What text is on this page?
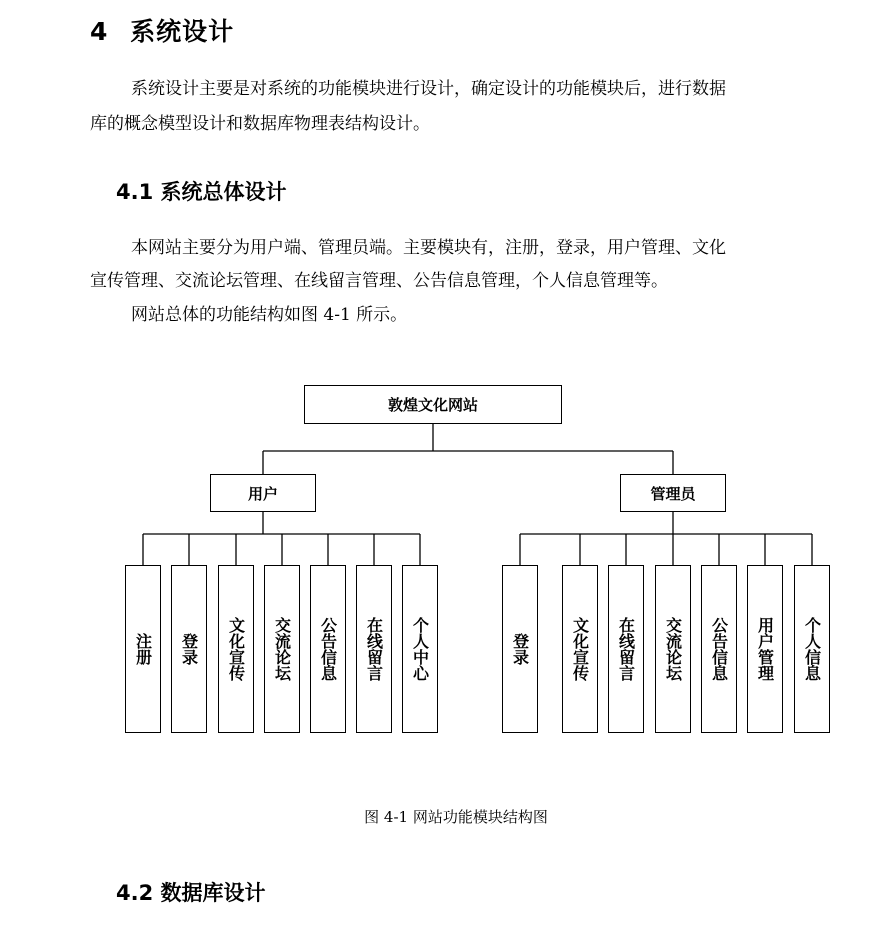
4 系统设计
系统设计主要是对系统的功能模块进行设计，确定设计的功能模块后，进行数据
库的概念模型设计和数据库物理表结构设计。
4.1 系统总体设计
本网站主要分为用户端、管理员端。主要模块有，注册，登录，用户管理、文化
宣传管理、交流论坛管理、在线留言管理、公告信息管理，个人信息管理等。
网站总体的功能结构如图 4-1 所示。
敦煌文化网站
用户	管理员
注册	登录	文化宣传	交流论坛	公告信息	在线留言	个人中心	登录	文化宣传	在线留言	交流论坛	公告信息	用户管理	个人信息
图 4-1 网站功能模块结构图
4.2 数据库设计
